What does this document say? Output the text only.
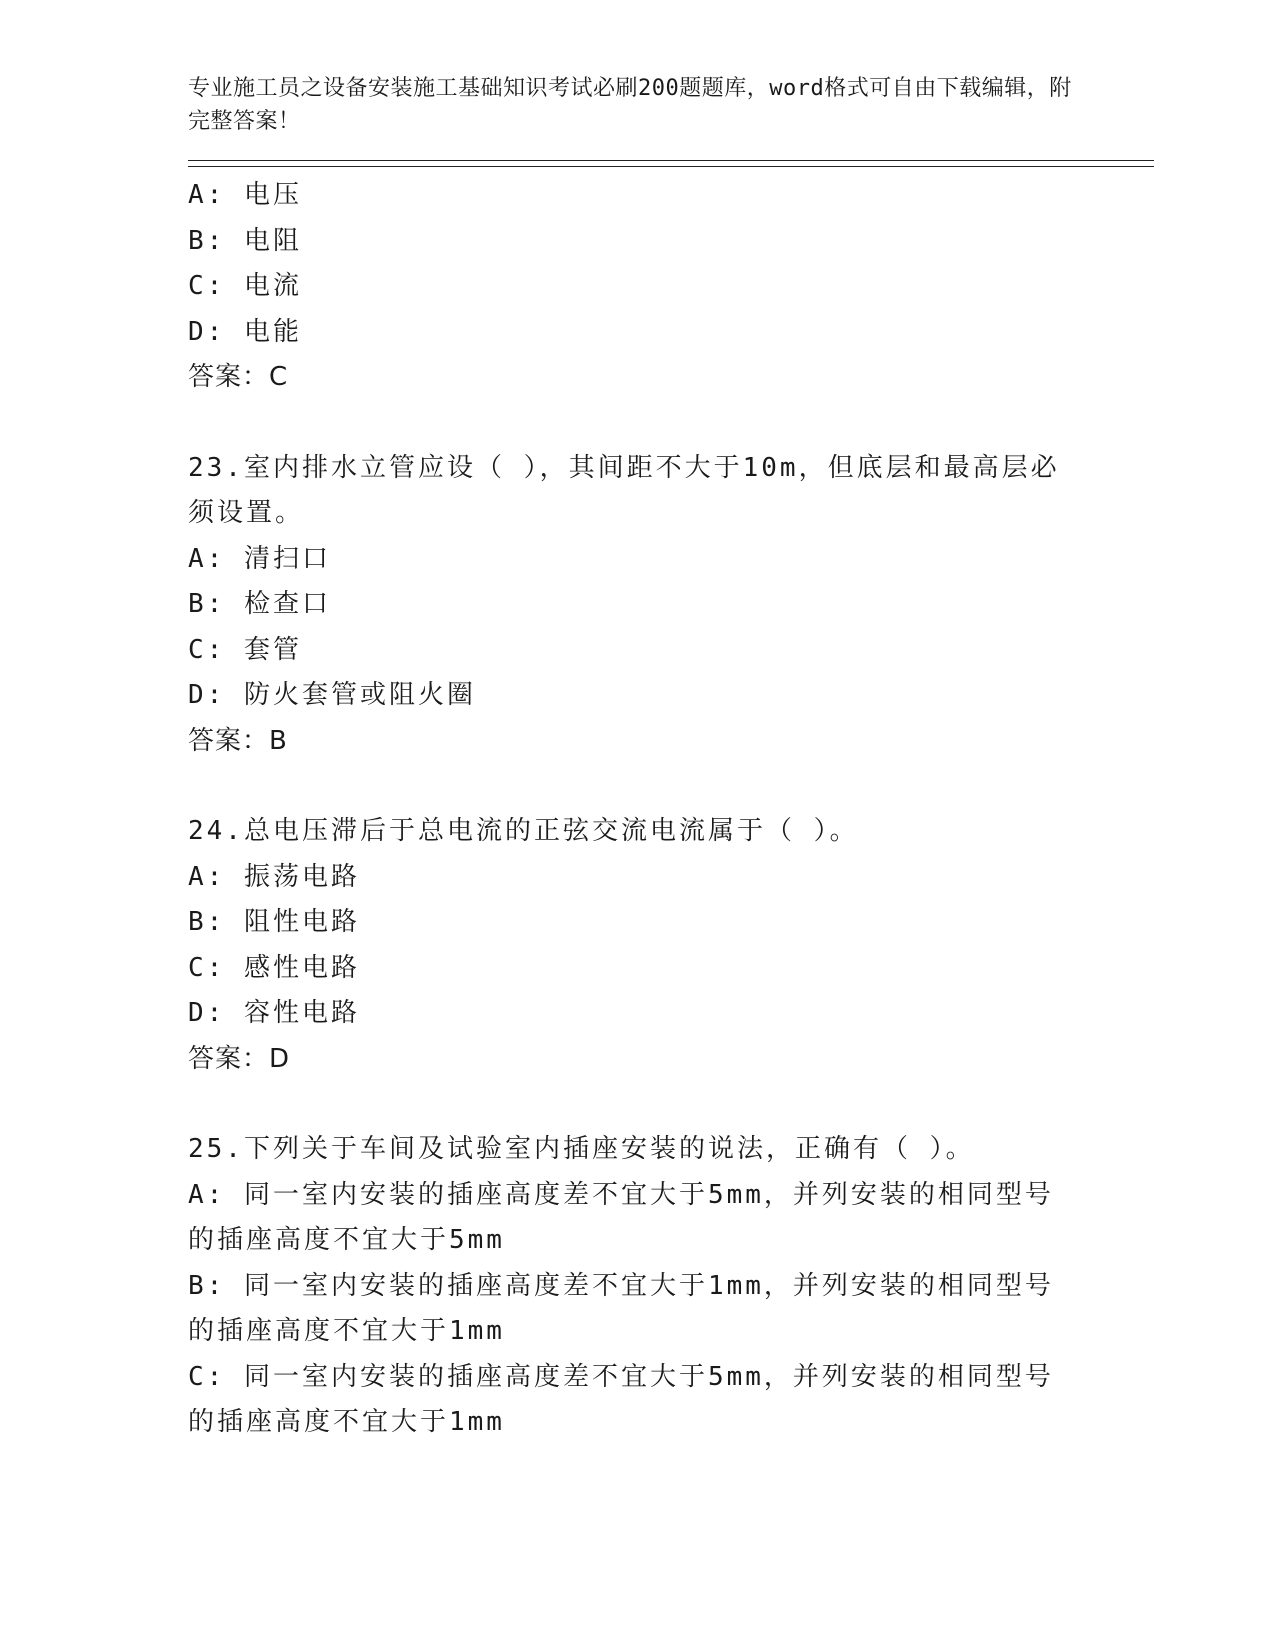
专业施工员之设备安装施工基础知识考试必刷200题题库，word格式可自由下载编辑，附完整答案！

A: 电压
B: 电阻
C: 电流
D: 电能
答案：C
23.室内排水立管应设（ ），其间距不大于10m，但底层和最高层必须设置。
A: 清扫口
B: 检查口
C: 套管
D: 防火套管或阻火圈
答案：B
24.总电压滞后于总电流的正弦交流电流属于（ ）。
A: 振荡电路
B: 阻性电路
C: 感性电路
D: 容性电路
答案：D
25.下列关于车间及试验室内插座安装的说法，正确有（ ）。
A: 同一室内安装的插座高度差不宜大于5mm，并列安装的相同型号的插座高度不宜大于5mm
B: 同一室内安装的插座高度差不宜大于1mm，并列安装的相同型号的插座高度不宜大于1mm
C: 同一室内安装的插座高度差不宜大于5mm，并列安装的相同型号的插座高度不宜大于1mm
